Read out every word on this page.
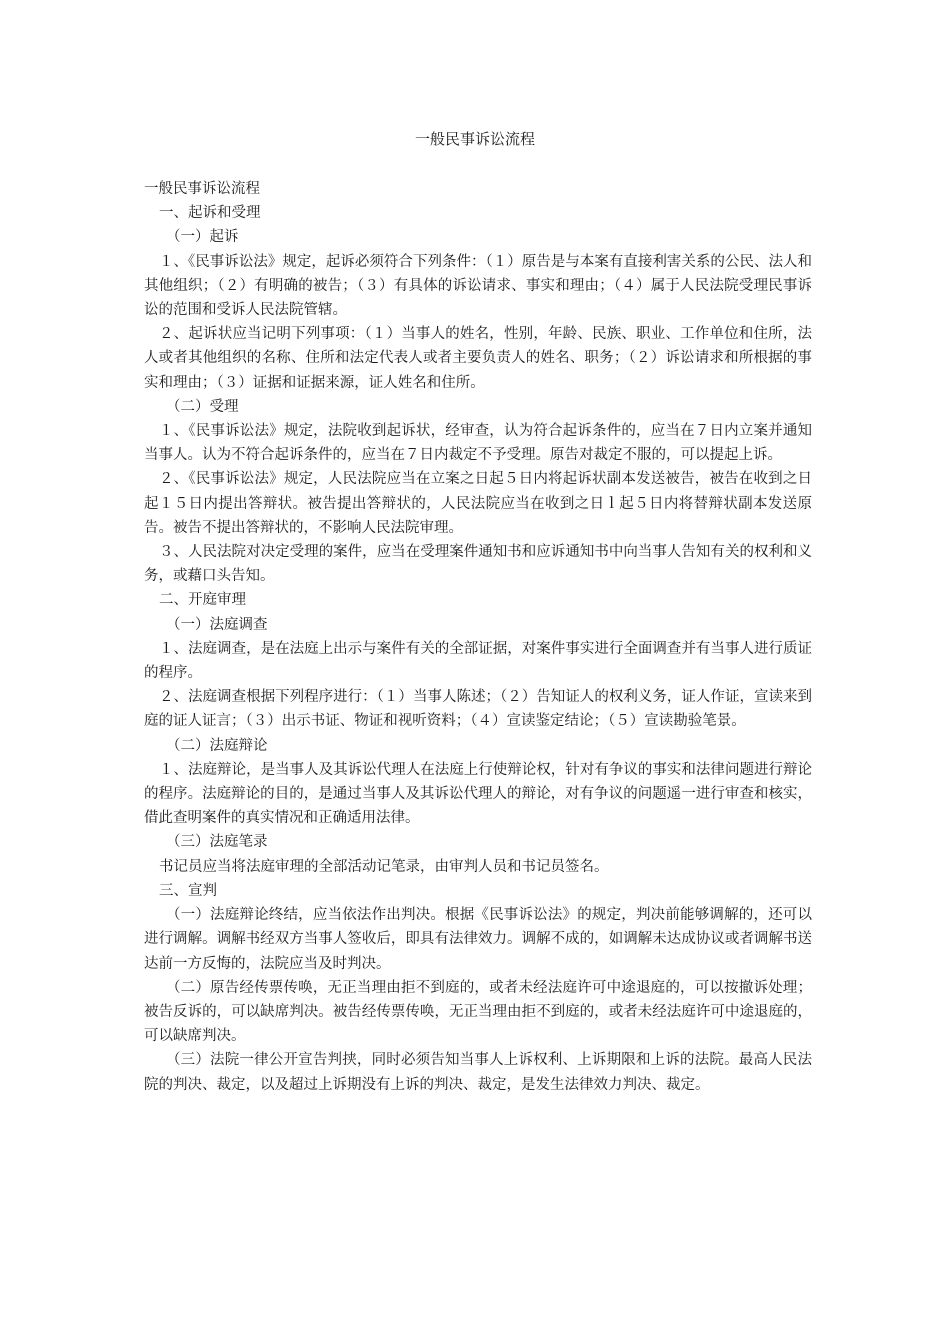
一般民事诉讼流程

一般民事诉讼流程

一、起诉和受理

（一）起诉

１、《民事诉讼法》规定，起诉必须符合下列条件：（１）原告是与本案有直接利害关系的公民、法人和其他组织；（２）有明确的被告；（３）有具体的诉讼请求、事实和理由；（４）属于人民法院受理民事诉讼的范围和受诉人民法院管辖。

２、起诉状应当记明下列事项：（１）当事人的姓名，性别，年龄、民族、职业、工作单位和住所，法人或者其他组织的名称、住所和法定代表人或者主要负责人的姓名、职务；（２）诉讼请求和所根据的事实和理由；（３）证据和证据来源，证人姓名和住所。

（二）受理

１、《民事诉讼法》规定，法院收到起诉状，经审查，认为符合起诉条件的，应当在７日内立案并通知当事人。认为不符合起诉条件的，应当在７日内裁定不予受理。原告对裁定不服的，可以提起上诉。

２、《民事诉讼法》规定，人民法院应当在立案之日起５日内将起诉状副本发送被告，被告在收到之日起１５日内提出答辩状。被告提出答辩状的，人民法院应当在收到之日ｌ起５日内将替辩状副本发送原告。被告不提出答辩状的，不影响人民法院审理。

３、人民法院对决定受理的案件，应当在受理案件通知书和应诉通知书中向当事人告知有关的权利和义务，或藉口头告知。

二、开庭审理

（一）法庭调查

１、法庭调查，是在法庭上出示与案件有关的全部证据，对案件事实进行全面调查并有当事人进行质证的程序。

２、法庭调查根据下列程序进行：（１）当事人陈述；（２）告知证人的权利义务，证人作证，宣读来到庭的证人证言；（３）出示书证、物证和视听资料；（４）宣读鉴定结论；（５）宣读勘验笔景。

（二）法庭辩论

１、法庭辩论，是当事人及其诉讼代理人在法庭上行使辩论权，针对有争议的事实和法律问题进行辩论的程序。法庭辩论的目的，是通过当事人及其诉讼代理人的辩论，对有争议的问题遥一进行审查和核实，借此查明案件的真实情况和正确适用法律。

（三）法庭笔录

书记员应当将法庭审理的全部活动记笔录，由审判人员和书记员签名。

三、宣判

（一）法庭辩论终结，应当依法作出判决。根据《民事诉讼法》的规定，判决前能够调解的，还可以进行调解。调解书经双方当事人签收后，即具有法律效力。调解不成的，如调解未达成协议或者调解书送达前一方反悔的，法院应当及时判决。

（二）原告经传票传唤，无正当理由拒不到庭的，或者未经法庭许可中途退庭的，可以按撤诉处理；被告反诉的，可以缺席判决。被告经传票传唤，无正当理由拒不到庭的，或者未经法庭许可中途退庭的，可以缺席判决。

（三）法院一律公开宣告判挟，同时必须告知当事人上诉权利、上诉期限和上诉的法院。最高人民法院的判决、裁定，以及超过上诉期没有上诉的判决、裁定，是发生法律效力判决、裁定。
